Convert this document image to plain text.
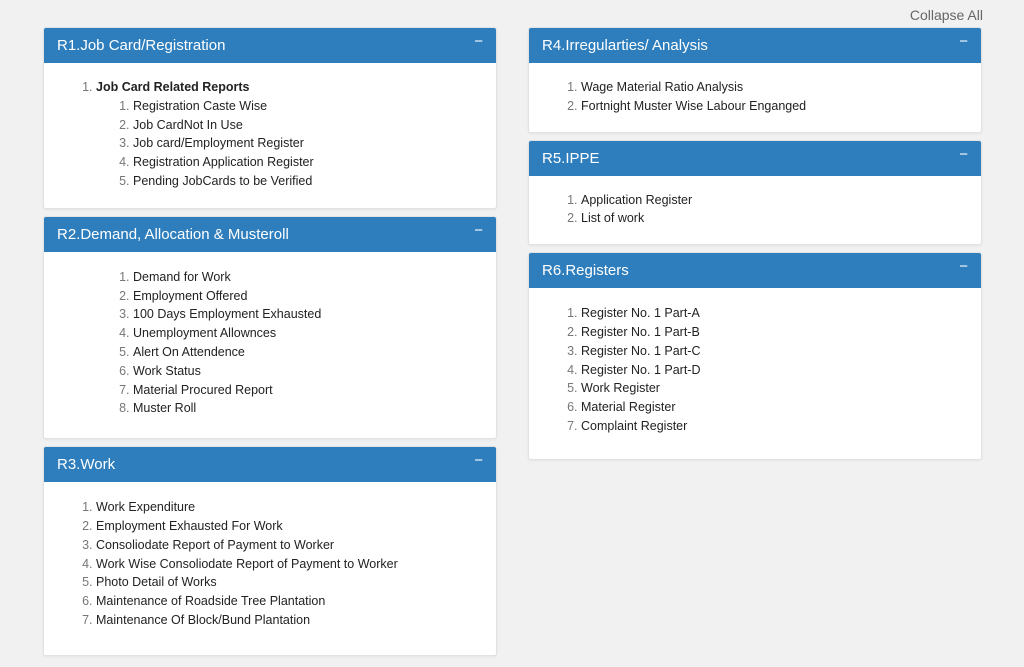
Collapse All
R1.Job Card/Registration	−
1. Job Card Related Reports
1. Registration Caste Wise
2. Job CardNot In Use
3. Job card/Employment Register
4. Registration Application Register
5. Pending JobCards to be Verified
R2.Demand, Allocation & Musteroll	−
1. Demand for Work
2. Employment Offered
3. 100 Days Employment Exhausted
4. Unemployment Allownces
5. Alert On Attendence
6. Work Status
7. Material Procured Report
8. Muster Roll
R3.Work	−
1. Work Expenditure
2. Employment Exhausted For Work
3. Consoliodate Report of Payment to Worker
4. Work Wise Consoliodate Report of Payment to Worker
5. Photo Detail of Works
6. Maintenance of Roadside Tree Plantation
7. Maintenance Of Block/Bund Plantation
R4.Irregularties/ Analysis	−
1. Wage Material Ratio Analysis
2. Fortnight Muster Wise Labour Enganged
R5.IPPE	−
1. Application Register
2. List of work
R6.Registers	−
1. Register No. 1 Part-A
2. Register No. 1 Part-B
3. Register No. 1 Part-C
4. Register No. 1 Part-D
5. Work Register
6. Material Register
7. Complaint Register
